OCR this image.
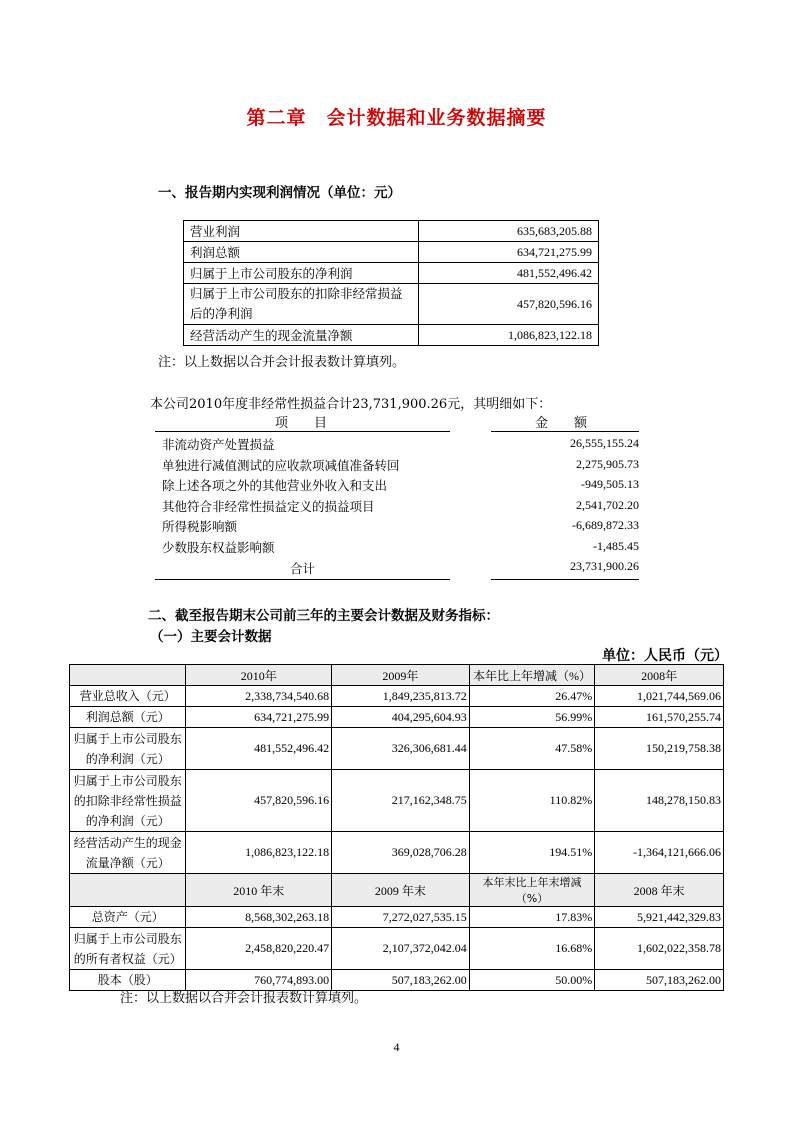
第二章　会计数据和业务数据摘要
一、报告期内实现利润情况（单位：元）
营业利润	635,683,205.88
利润总额	634,721,275.99
归属于上市公司股东的净利润	481,552,496.42
归属于上市公司股东的扣除非经常损益后的净利润	457,820,596.16
经营活动产生的现金流量净额	1,086,823,122.18
注：以上数据以合并会计报表数计算填列。
本公司2010年度非经常性损益合计23,731,900.26元，其明细如下：
项　　目	金　　额
非流动资产处置损益	26,555,155.24
单独进行减值测试的应收款项减值准备转回	2,275,905.73
除上述各项之外的其他营业外收入和支出	-949,505.13
其他符合非经常性损益定义的损益项目	2,541,702.20
所得税影响额	-6,689,872.33
少数股东权益影响额	-1,485.45
合计	23,731,900.26
二、截至报告期末公司前三年的主要会计数据及财务指标：
（一）主要会计数据
单位：人民币（元）
	2010年	2009年	本年比上年增减（%）	2008年
营业总收入（元）	2,338,734,540.68	1,849,235,813.72	26.47%	1,021,744,569.06
利润总额（元）	634,721,275.99	404,295,604.93	56.99%	161,570,255.74
归属于上市公司股东的净利润（元）	481,552,496.42	326,306,681.44	47.58%	150,219,758.38
归属于上市公司股东的扣除非经常性损益的净利润（元）	457,820,596.16	217,162,348.75	110.82%	148,278,150.83
经营活动产生的现金流量净额（元）	1,086,823,122.18	369,028,706.28	194.51%	-1,364,121,666.06
	2010 年末	2009 年末	本年末比上年末增减（%）	2008 年末
总资产（元）	8,568,302,263.18	7,272,027,535.15	17.83%	5,921,442,329.83
归属于上市公司股东的所有者权益（元）	2,458,820,220.47	2,107,372,042.04	16.68%	1,602,022,358.78
股本（股）	760,774,893.00	507,183,262.00	50.00%	507,183,262.00
注：以上数据以合并会计报表数计算填列。
4
